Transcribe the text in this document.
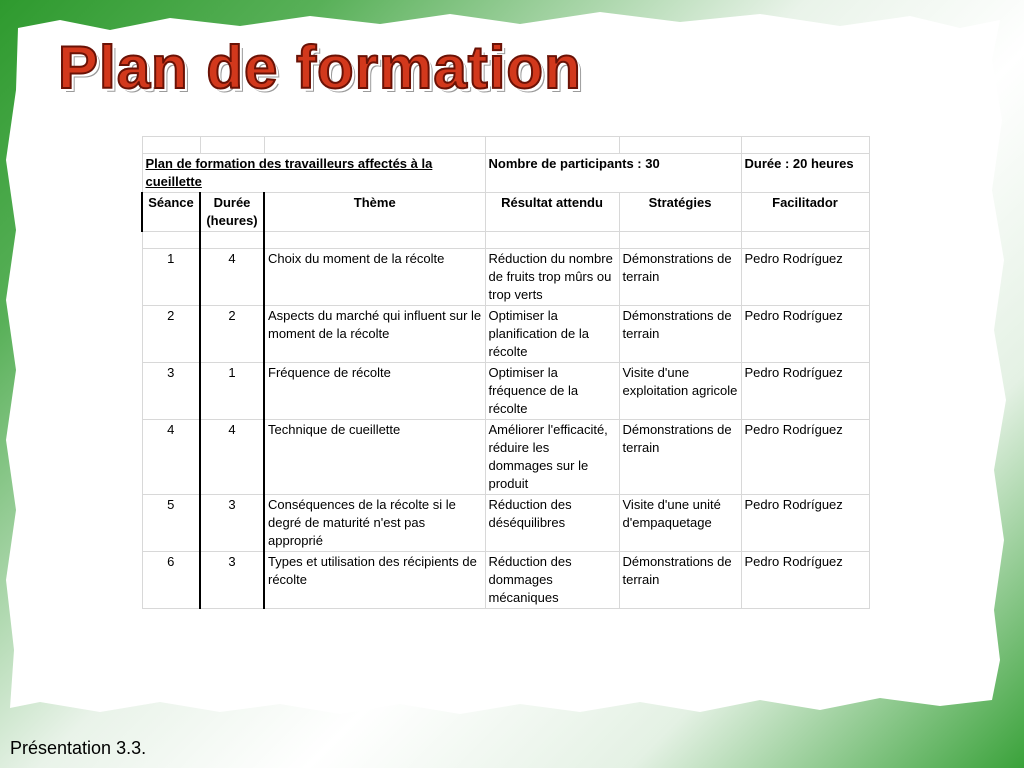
Plan de formation

Plan de formation des travailleurs affectés à la cueillette			Nombre de participants : 30		Durée : 20 heures
Séance	Durée (heures)	Thème	Résultat attendu	Stratégies	Facilitador

1	4	Choix du moment de la récolte	Réduction du nombre de fruits trop mûrs ou trop verts	Démonstrations de terrain	Pedro Rodríguez
2	2	Aspects du marché qui influent sur le moment de la récolte	Optimiser la planification de la récolte	Démonstrations de terrain	Pedro Rodríguez
3	1	Fréquence de récolte	Optimiser la fréquence de la récolte	Visite d'une exploitation agricole	Pedro Rodríguez
4	4	Technique de cueillette	Améliorer l'efficacité, réduire les dommages sur le produit	Démonstrations de terrain	Pedro Rodríguez
5	3	Conséquences de la récolte si le degré de maturité n'est pas approprié	Réduction des déséquilibres	Visite d'une unité d'empaquetage	Pedro Rodríguez
6	3	Types et utilisation des récipients de récolte	Réduction des dommages mécaniques	Démonstrations de terrain	Pedro Rodríguez
Présentation 3.3.
